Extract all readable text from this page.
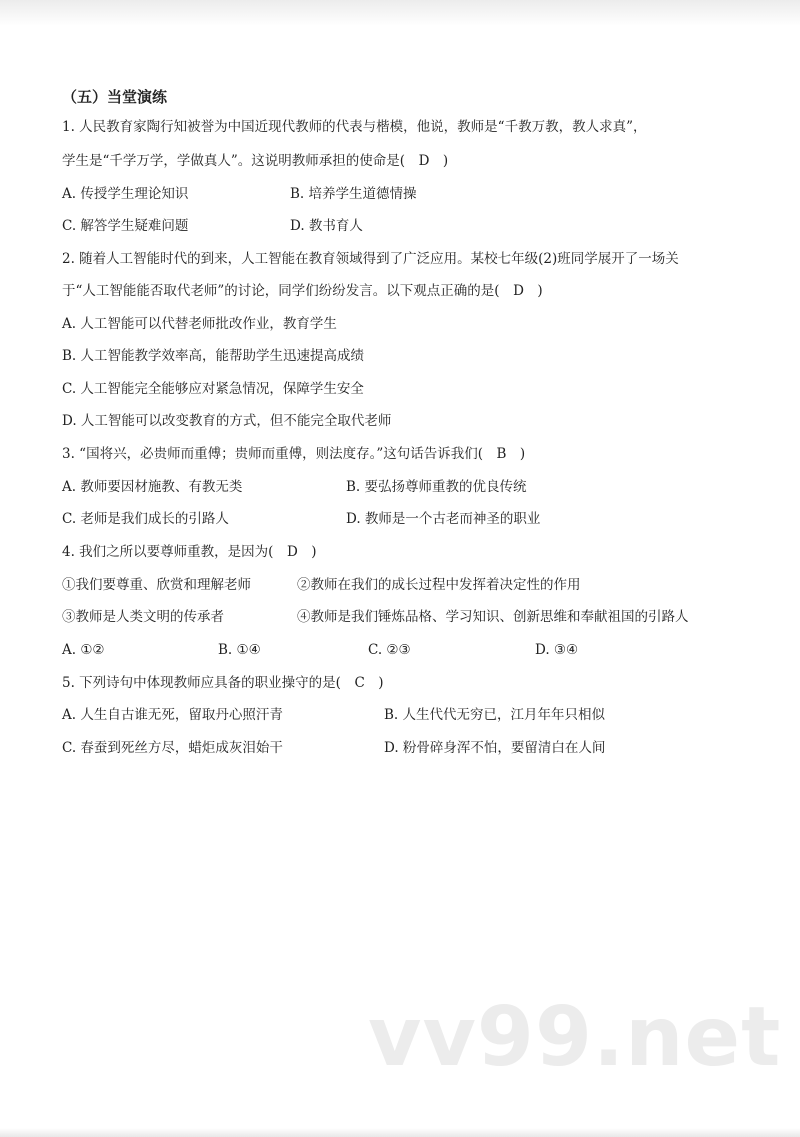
（五）当堂演练
1. 人民教育家陶行知被誉为中国近现代教师的代表与楷模，他说，教师是“千教万教，教人求真”，
学生是“千学万学，学做真人”。这说明教师承担的使命是(　D　)
A. 传授学生理论知识	B. 培养学生道德情操
C. 解答学生疑难问题	D. 教书育人
2. 随着人工智能时代的到来，人工智能在教育领域得到了广泛应用。某校七年级(2)班同学展开了一场关
于“人工智能能否取代老师”的讨论，同学们纷纷发言。以下观点正确的是(　D　)
A. 人工智能可以代替老师批改作业，教育学生
B. 人工智能教学效率高，能帮助学生迅速提高成绩
C. 人工智能完全能够应对紧急情况，保障学生安全
D. 人工智能可以改变教育的方式，但不能完全取代老师
3. “国将兴，必贵师而重傅；贵师而重傅，则法度存。”这句话告诉我们(　B　)
A. 教师要因材施教、有教无类	B. 要弘扬尊师重教的优良传统
C. 老师是我们成长的引路人	D. 教师是一个古老而神圣的职业
4. 我们之所以要尊师重教，是因为(　D　)
①我们要尊重、欣赏和理解老师	②教师在我们的成长过程中发挥着决定性的作用
③教师是人类文明的传承者	④教师是我们锤炼品格、学习知识、创新思维和奉献祖国的引路人
A. ①②	B. ①④	C. ②③	D. ③④
5. 下列诗句中体现教师应具备的职业操守的是(　C　)
A. 人生自古谁无死，留取丹心照汗青	B. 人生代代无穷已，江月年年只相似
C. 春蚕到死丝方尽，蜡炬成灰泪始干	D. 粉骨碎身浑不怕，要留清白在人间
vv99.net
